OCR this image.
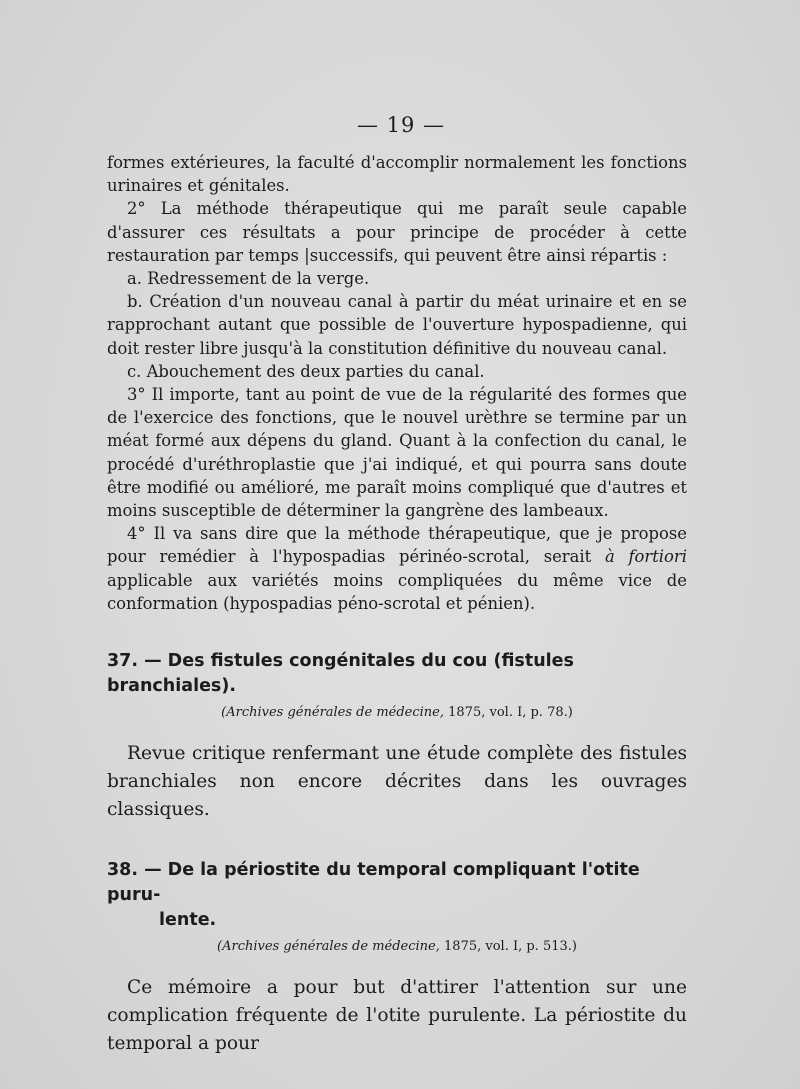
— 19 —

formes extérieures, la faculté d'accomplir normalement les fonctions urinaires et génitales.

2° La méthode thérapeutique qui me paraît seule capable d'assurer ces résultats a pour principe de procéder à cette restauration par temps |successifs, qui peuvent être ainsi répartis :

a. Redressement de la verge.

b. Création d'un nouveau canal à partir du méat urinaire et en se rapprochant autant que possible de l'ouverture hypospadienne, qui doit rester libre jusqu'à la constitution définitive du nouveau canal.

c. Abouchement des deux parties du canal.

3° Il importe, tant au point de vue de la régularité des formes que de l'exercice des fonctions, que le nouvel urèthre se termine par un méat formé aux dépens du gland. Quant à la confection du canal, le procédé d'uréthroplastie que j'ai indiqué, et qui pourra sans doute être modifié ou amélioré, me paraît moins compliqué que d'autres et moins susceptible de déterminer la gangrène des lambeaux.

4° Il va sans dire que la méthode thérapeutique, que je propose pour remédier à l'hypospadias périnéo-scrotal, serait à fortiori applicable aux variétés moins compliquées du même vice de conformation (hypospadias péno-scrotal et pénien).

37. — Des fistules congénitales du cou (fistules branchiales).
(Archives générales de médecine, 1875, vol. I, p. 78.)

Revue critique renfermant une étude complète des fistules branchiales non encore décrites dans les ouvrages classiques.

38. — De la périostite du temporal compliquant l'otite puru-
lente.
(Archives générales de médecine, 1875, vol. I, p. 513.)

Ce mémoire a pour but d'attirer l'attention sur une complication fréquente de l'otite purulente. La périostite du temporal a pour
